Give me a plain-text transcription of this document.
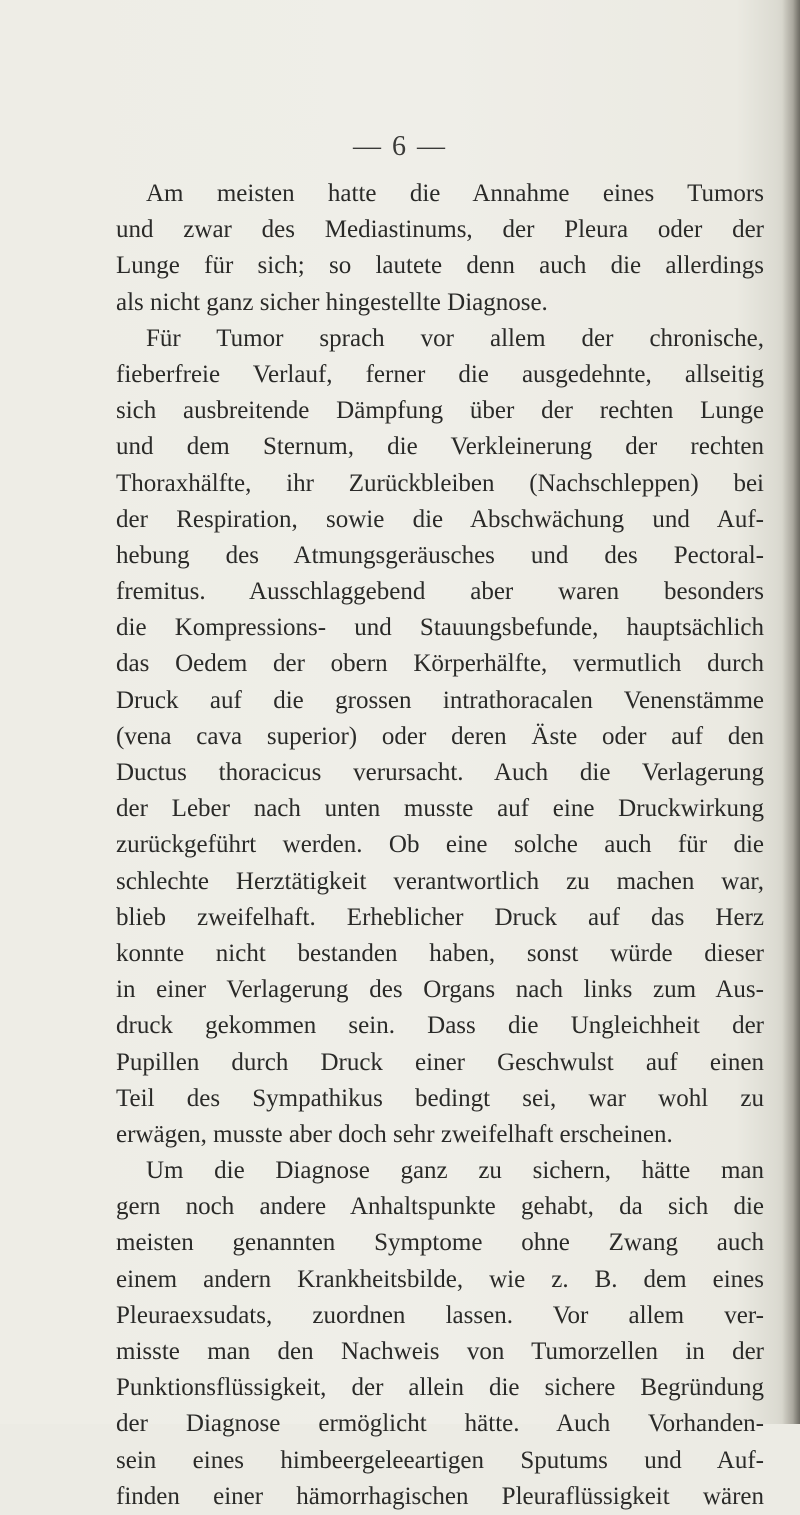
— 6 —
Am meisten hatte die Annahme eines Tumors
und zwar des Mediastinums, der Pleura oder der
Lunge für sich; so lautete denn auch die allerdings
als nicht ganz sicher hingestellte Diagnose.
Für Tumor sprach vor allem der chronische,
fieberfreie Verlauf, ferner die ausgedehnte, allseitig
sich ausbreitende Dämpfung über der rechten Lunge
und dem Sternum, die Verkleinerung der rechten
Thoraxhälfte, ihr Zurückbleiben (Nachschleppen) bei
der Respiration, sowie die Abschwächung und Auf-
hebung des Atmungsgeräusches und des Pectoral-
fremitus. Ausschlaggebend aber waren besonders
die Kompressions- und Stauungsbefunde, hauptsächlich
das Oedem der obern Körperhälfte, vermutlich durch
Druck auf die grossen intrathoracalen Venenstämme
(vena cava superior) oder deren Äste oder auf den
Ductus thoracicus verursacht. Auch die Verlagerung
der Leber nach unten musste auf eine Druckwirkung
zurückgeführt werden. Ob eine solche auch für die
schlechte Herztätigkeit verantwortlich zu machen war,
blieb zweifelhaft. Erheblicher Druck auf das Herz
konnte nicht bestanden haben, sonst würde dieser
in einer Verlagerung des Organs nach links zum Aus-
druck gekommen sein. Dass die Ungleichheit der
Pupillen durch Druck einer Geschwulst auf einen
Teil des Sympathikus bedingt sei, war wohl zu
erwägen, musste aber doch sehr zweifelhaft erscheinen.
Um die Diagnose ganz zu sichern, hätte man
gern noch andere Anhaltspunkte gehabt, da sich die
meisten genannten Symptome ohne Zwang auch
einem andern Krankheitsbilde, wie z. B. dem eines
Pleuraexsudats, zuordnen lassen. Vor allem ver-
misste man den Nachweis von Tumorzellen in der
Punktionsflüssigkeit, der allein die sichere Begründung
der Diagnose ermöglicht hätte. Auch Vorhanden-
sein eines himbeergeleeartigen Sputums und Auf-
finden einer hämorrhagischen Pleuraflüssigkeit wären
